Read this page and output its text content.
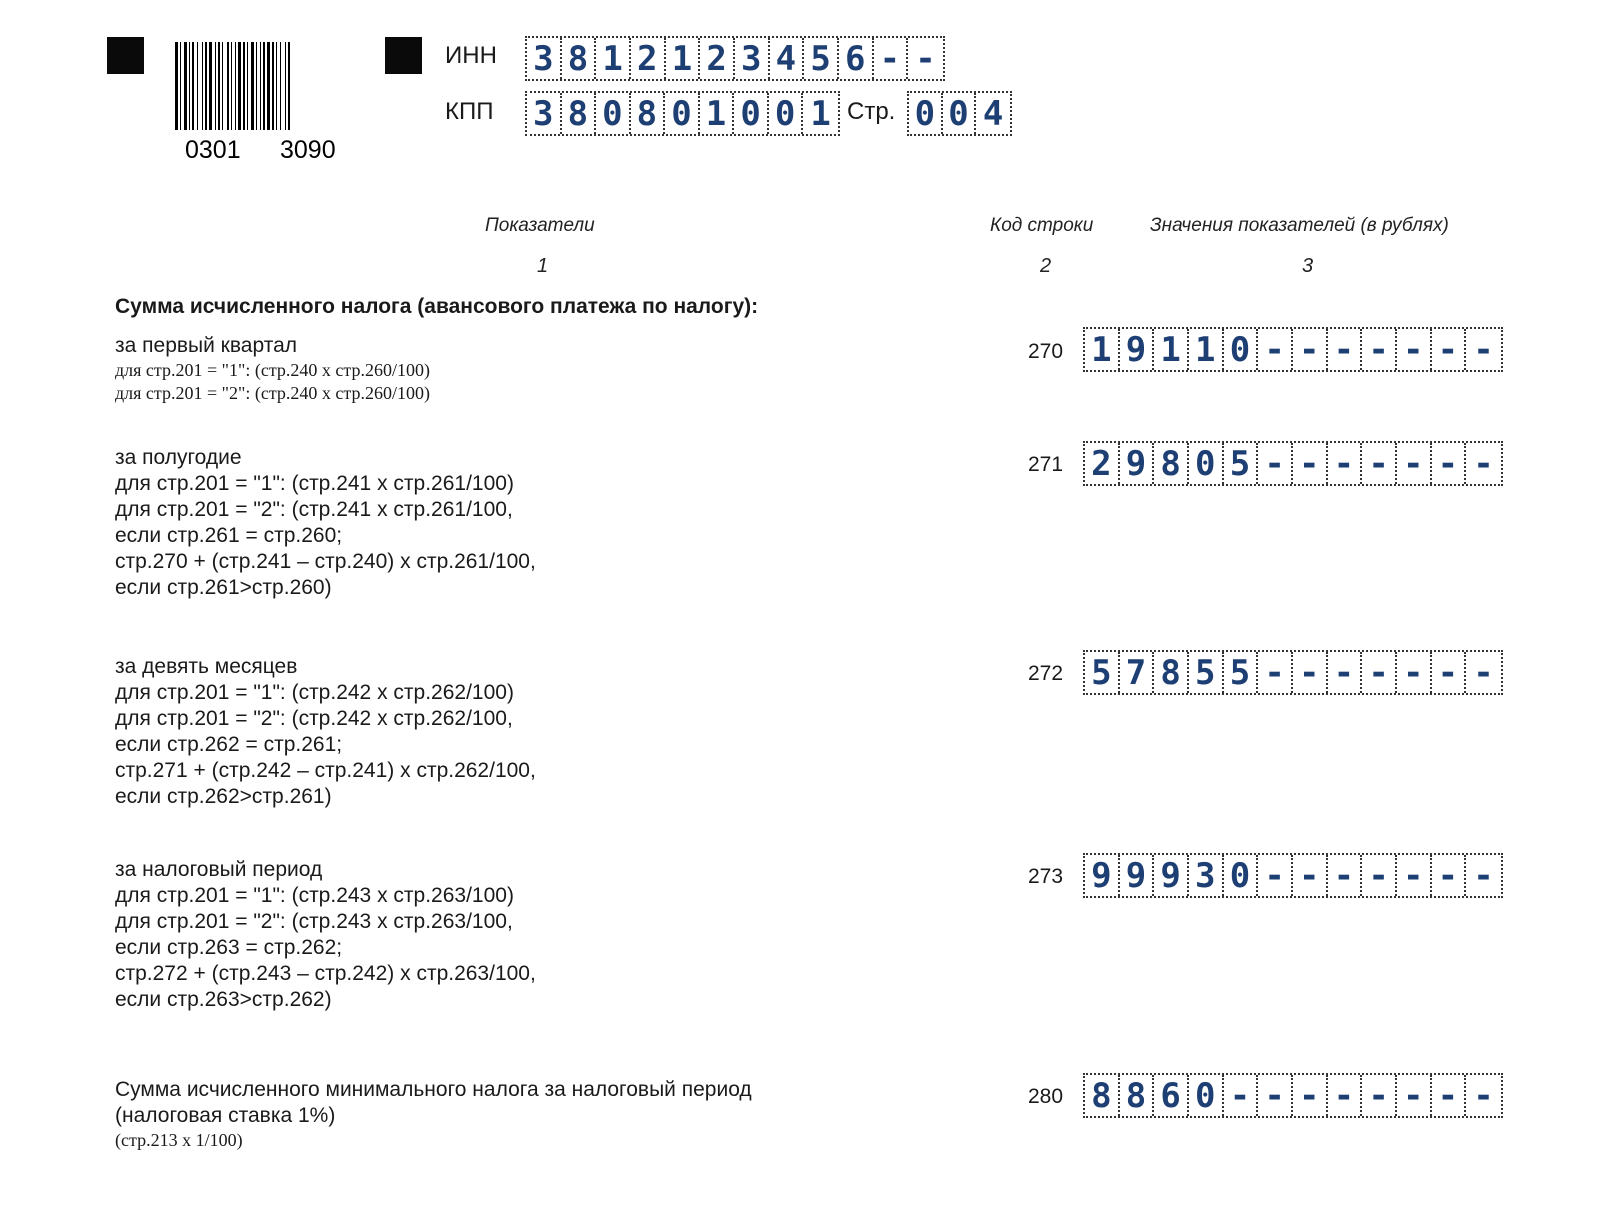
0301 3090
ИНН 3 8 1 2 1 2 3 4 5 6 - -
КПП 3 8 0 8 0 1 0 0 1 Стр. 0 0 4
Показатели	Код строки	Значения показателей (в рублях)
1	2	3
Сумма исчисленного налога (авансового платежа по налогу):
за первый квартал
для стр.201 = "1": (стр.240 х стр.260/100)
для стр.201 = "2": (стр.240 х стр.260/100)
270 1 9 1 1 0 - - - - - - -
за полугодие
для стр.201 = "1": (стр.241 х стр.261/100)
для стр.201 = "2": (стр.241 х стр.261/100,
если стр.261 = стр.260;
стр.270 + (стр.241 – стр.240) х стр.261/100,
если стр.261>стр.260)
271 2 9 8 0 5 - - - - - - -
за девять месяцев
для стр.201 = "1": (стр.242 х стр.262/100)
для стр.201 = "2": (стр.242 х стр.262/100,
если стр.262 = стр.261;
стр.271 + (стр.242 – стр.241) х стр.262/100,
если стр.262>стр.261)
272 5 7 8 5 5 - - - - - - -
за налоговый период
для стр.201 = "1": (стр.243 х стр.263/100)
для стр.201 = "2": (стр.243 х стр.263/100,
если стр.263 = стр.262;
стр.272 + (стр.243 – стр.242) х стр.263/100,
если стр.263>стр.262)
273 9 9 9 3 0 - - - - - - -
Сумма исчисленного минимального налога за налоговый период
(налоговая ставка 1%)
(стр.213 х 1/100)
280 8 8 6 0 - - - - - - - -
